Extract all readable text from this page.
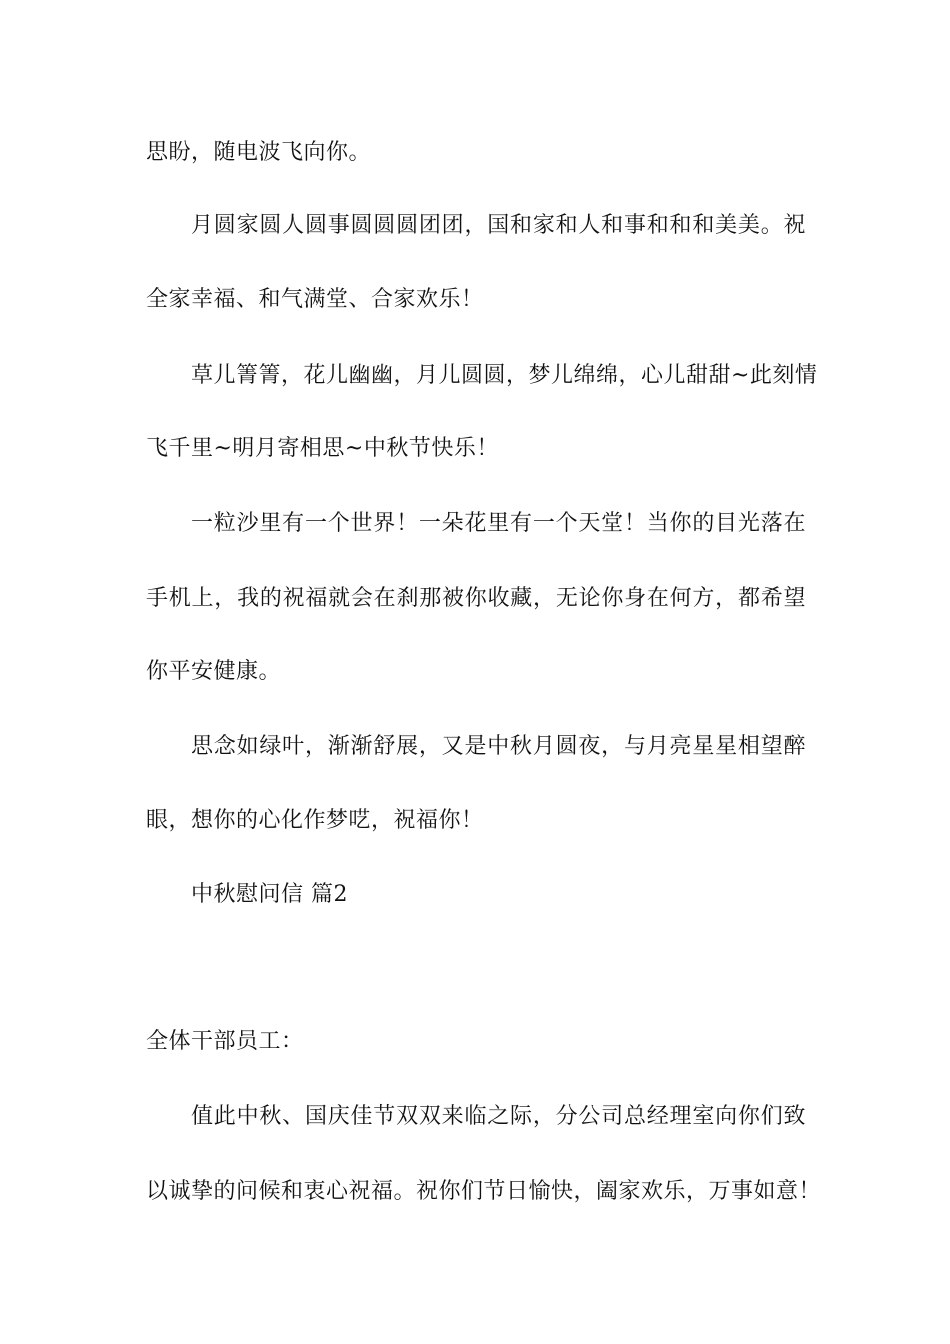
思盼，随电波飞向你。
月圆家圆人圆事圆圆圆团团，国和家和人和事和和和美美。祝
全家幸福、和气满堂、合家欢乐！
草儿箐箐，花儿幽幽，月儿圆圆，梦儿绵绵，心儿甜甜~此刻情
飞千里~明月寄相思~中秋节快乐！
一粒沙里有一个世界！一朵花里有一个天堂！当你的目光落在
手机上，我的祝福就会在刹那被你收藏，无论你身在何方，都希望
你平安健康。
思念如绿叶，渐渐舒展，又是中秋月圆夜，与月亮星星相望醉
眼，想你的心化作梦呓，祝福你！
中秋慰问信 篇2
全体干部员工：
值此中秋、国庆佳节双双来临之际，分公司总经理室向你们致
以诚挚的问候和衷心祝福。祝你们节日愉快，阖家欢乐，万事如意！
